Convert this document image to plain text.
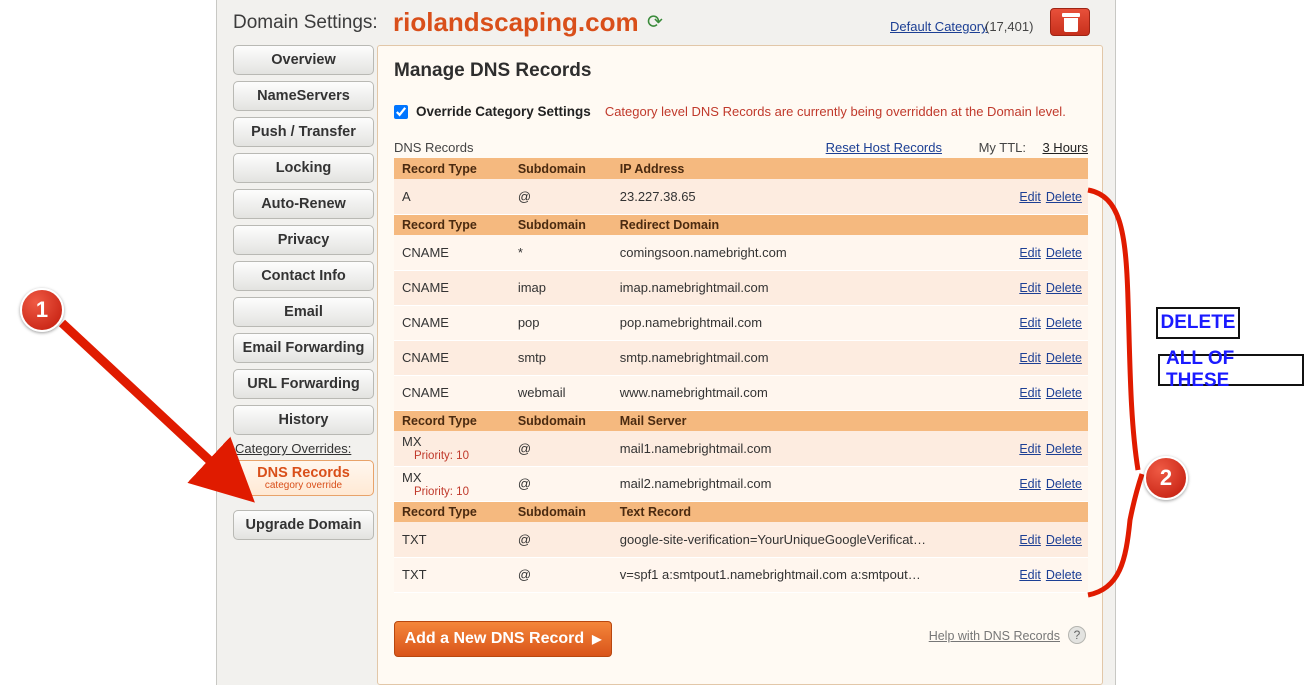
Domain Settings: riolandscaping.com ⟳	Default Category
(17,401)
Overview
NameServers
Push / Transfer
Locking
Auto-Renew
Privacy
Contact Info
Email
Email Forwarding
URL Forwarding
History
Category Overrides:
DNS Records
category override
Upgrade Domain
Manage DNS Records
Override Category Settings Category level DNS Records are currently being overridden at the Domain level.
DNS Records	Reset Host Records	My TTL: 3 Hours
Record Type	Subdomain	IP Address	
A	@	23.227.38.65	Edit Delete
Record Type	Subdomain	Redirect Domain	
CNAME	*	comingsoon.namebright.com	Edit Delete
CNAME	imap	imap.namebrightmail.com	Edit Delete
CNAME	pop	pop.namebrightmail.com	Edit Delete
CNAME	smtp	smtp.namebrightmail.com	Edit Delete
CNAME	webmail	www.namebrightmail.com	Edit Delete
Record Type	Subdomain	Mail Server	
MX
Priority: 10	@	mail1.namebrightmail.com	Edit Delete
MX
Priority: 10	@	mail2.namebrightmail.com	Edit Delete
Record Type	Subdomain	Text Record	
TXT	@	google-site-verification=YourUniqueGoogleVerificat…	Edit Delete
TXT	@	v=spf1 a:smtpout1.namebrightmail.com a:smtpout…	Edit Delete
Add a New DNS Record ▶	Help with DNS Records	?
1
2
DELETE
ALL OF THESE
